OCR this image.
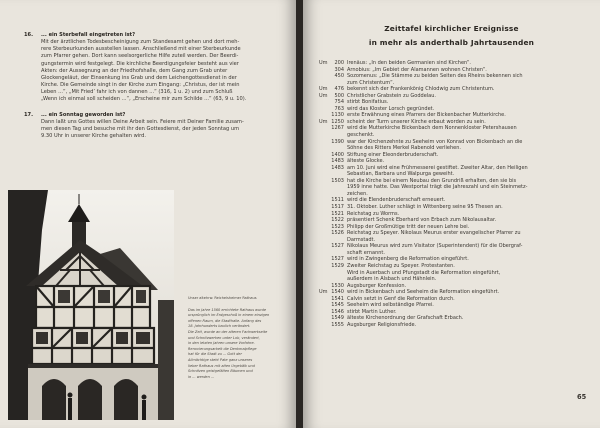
16.	... ein Sterbefall eingetreten ist?
Mit der ärztlichen Todesbescheinigung zum Standesamt gehen und dort meh-
rere Sterbeurkunden ausstellen lassen. Anschließend mit einer Sterbeurkunde
zum Pfarrer gehen. Dort kann seelsorgerliche Hilfe zuteil werden. Der Beerdi-
gungstermin wird festgelegt. Die kirchliche Beerdigungsfeier besteht aus vier
Akten: der Aussegnung an der Friedhofshalle, dem Gang zum Grab unter
Glockengeläut, der Einsenkung ins Grab und dem Leichengottesdienst in der
Kirche. Die Gemeinde singt in der Kirche zum Eingang: „Christus, der ist mein
Leben ...“, „Mit Fried’ fahr ich von dannen ...“ (316, 1 u. 2) und zum Schluß
„Wenn ich einmal soll scheiden ...“, „Erscheine mir zum Schilde ...“ (63, 9 u. 10).
17.	... ein Sonntag geworden ist?
Dann laßt uns Gottes willen Deine Arbeit sein. Feiere mit Deiner Familie zusam-
men diesen Tag und besuche mit ihr den Gottesdienst, der jeden Sonntag um
9.30 Uhr in unserer Kirche gehalten wird.
Unser altehrw. Reichelsheimer Rathaus
Das im Jahre 1560 errichtete Rathaus wurde
ursprünglich im Erdgeschoß in einem einzigen
offenen Raum, die Stadthalle. Anfang des
18. Jahrhunderts baulich verändert.
Die Zeit, wurde an der alteren Fachwerkseite
und Schnitzwerken unter Lob, verändert,
in den letzten Jahren unsere Vorfahre.
Renovierungsarbeit die Denkmalpflege
hat für die Stadt zu ... Gott der
Allmächtige steht Pate ganz unseres
lieber Rathaus mit alten Urgebälk und
Schnitzen geistgefälten Bäumen und
in ... werden ...
Zeittafel kirchlicher Ereignisse
in mehr als anderthalb Jahrtausenden
Um	200 Irenäus: „In den beiden Germanien sind Kirchen“.
304 Arnobius: „Im Gebiet der Alamannen wohnen Christen“.
450 Sozomenus: „Die Stämme zu beiden Seiten des Rheins bekennen sich
zum Christentum“.
Um	476 bekennt sich der Frankenkönig Chlodwig zum Christentum.
Um	500 Christlicher Grabstein zu Goddelau.
754 stirbt Bonifatius.
763 wird das Kloster Lorsch gegründet.
1130 erste Erwähnung eines Pfarrers der Bickenbacher Mutterkirche.
Um 1250 scheint der Turm unserer Kirche erbaut worden zu sein.
1267 wird die Mutterkirche Bickenbach dem Nonnenkloster Petershausen
geschenkt.
1390 war der Kirchenzehnte zu Seeheim von Konrad von Bickenbach an die
Söhne des Ritters Merkel Rabenold verliehen.
1400 Stiftung einer Eleonderbruderschaft.
1483 älteste Glocke.
1483 am 10. Juni wird eine Frühmesserei gestiftet. Zweiter Altar, den Heiligen
Sebastian, Barbara und Walpurga geweiht.
1503 hat die Kirche bei einem Neubau den Grundriß erhalten, den sie bis
1959 inne hatte. Das Westportal trägt die Jahreszahl und ein Steinmetz-
zeichen.
1511 wird die Elendenbruderschaft erneuert.
1517 31. Oktober. Luther schlägt in Wittenberg seine 95 Thesen an.
1521 Reichstag zu Worms.
1522 präsentiert Schenk Eberhard von Erbach zum Nikolausaltar.
1523 Philipp der Großmütige tritt der neuen Lehre bei.
1526 Reichstag zu Speyer. Nikolaus Meurus erster evangelischer Pfarrer zu
Darmstadt.
1527 Nikolaus Meurus wird zum Visitator (Superintendent) für die Obergraf-
schaft ernannt.
1527 wird in Zwingenberg die Reformation eingeführt.
1529 Zweiter Reichstag zu Speyer. Protestanten.
Wird in Auerbach und Pfungstadt die Reformation eingeführt,
außerdem in Alsbach und Hähnlein.
1530 Augsburger Konfession.
Um 1540 wird in Bickenbach und Seeheim die Reformation eingeführt.
1541 Calvin setzt in Genf die Reformation durch.
1545 Seeheim wird selbständige Pfarrei.
1546 stirbt Martin Luther.
1549 älteste Kirchenordnung der Grafschaft Erbach.
1555 Augsburger Religionsfriede.
65
